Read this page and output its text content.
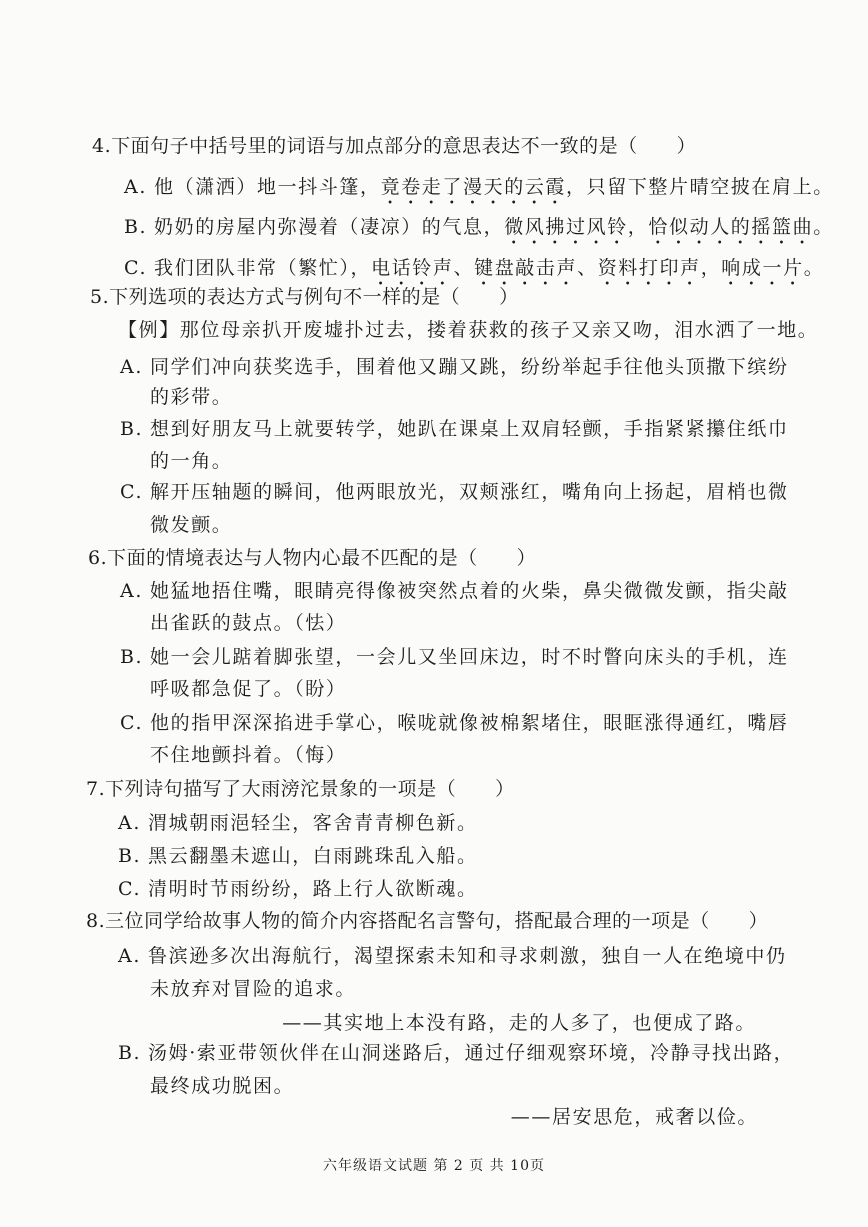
4.下面句子中括号里的词语与加点部分的意思表达不一致的是（　　）
A. 他（潇洒）地一抖斗篷，竟卷走了漫天的云霞，只留下整片晴空披在肩上。
B. 奶奶的房屋内弥漫着（凄凉）的气息，微风拂过风铃，恰似动人的摇篮曲。
C. 我们团队非常（繁忙），电话铃声、键盘敲击声、资料打印声，响成一片。
5.下列选项的表达方式与例句不一样的是（　　）
【例】那位母亲扒开废墟扑过去，搂着获救的孩子又亲又吻，泪水洒了一地。
A. 同学们冲向获奖选手，围着他又蹦又跳，纷纷举起手往他头顶撒下缤纷
的彩带。
B. 想到好朋友马上就要转学，她趴在课桌上双肩轻颤，手指紧紧攥住纸巾
的一角。
C. 解开压轴题的瞬间，他两眼放光，双颊涨红，嘴角向上扬起，眉梢也微
微发颤。
6.下面的情境表达与人物内心最不匹配的是（　　）
A. 她猛地捂住嘴，眼睛亮得像被突然点着的火柴，鼻尖微微发颤，指尖敲
出雀跃的鼓点。（怯）
B. 她一会儿踮着脚张望，一会儿又坐回床边，时不时瞥向床头的手机，连
呼吸都急促了。（盼）
C. 他的指甲深深掐进手掌心，喉咙就像被棉絮堵住，眼眶涨得通红，嘴唇
不住地颤抖着。（悔）
7.下列诗句描写了大雨滂沱景象的一项是（　　）
A. 渭城朝雨浥轻尘，客舍青青柳色新。
B. 黑云翻墨未遮山，白雨跳珠乱入船。
C. 清明时节雨纷纷，路上行人欲断魂。
8.三位同学给故事人物的简介内容搭配名言警句，搭配最合理的一项是（　　）
A. 鲁滨逊多次出海航行，渴望探索未知和寻求刺激，独自一人在绝境中仍
未放弃对冒险的追求。
——其实地上本没有路，走的人多了，也便成了路。
B. 汤姆·索亚带领伙伴在山洞迷路后，通过仔细观察环境，冷静寻找出路，
最终成功脱困。
——居安思危，戒奢以俭。
六年级语文试题 第 2 页 共 10页
